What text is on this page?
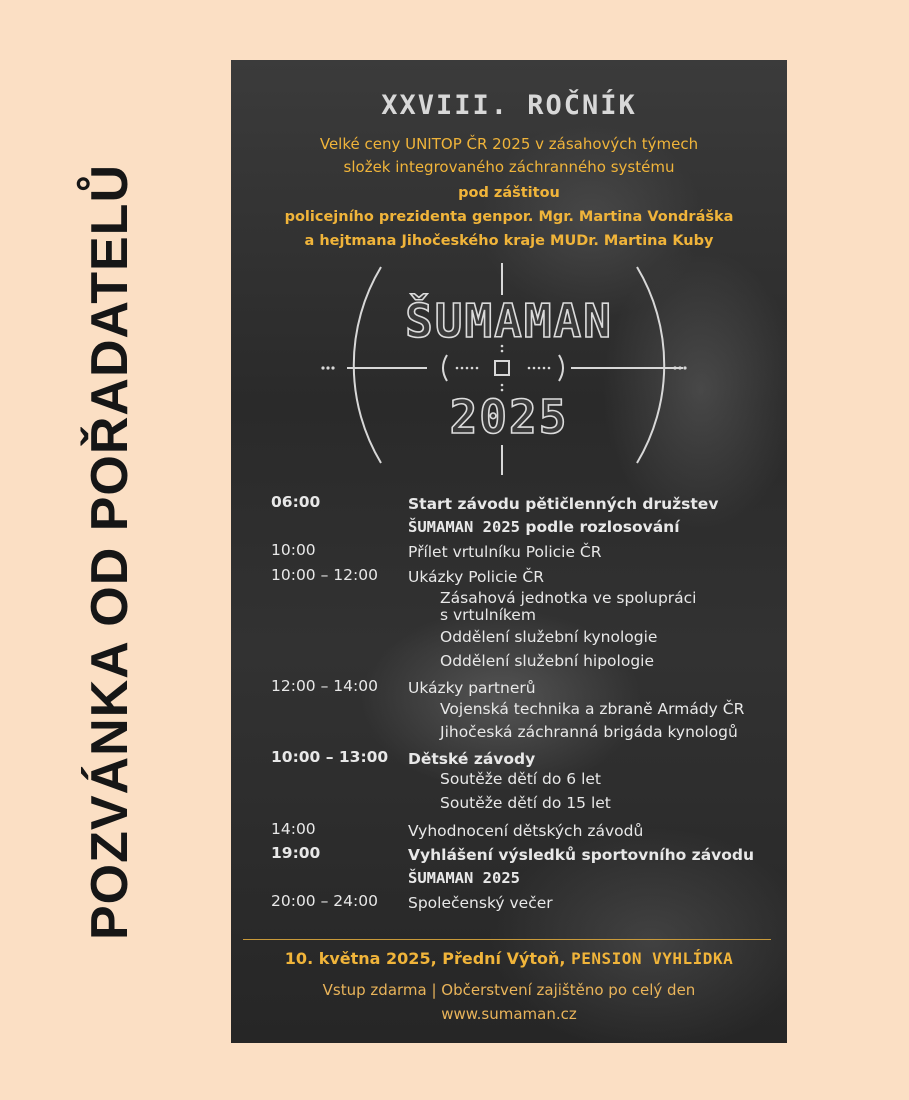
POZVÁNKA OD POŘADATELŮ
XXVIII. ROČNÍK
Velké ceny UNITOP ČR 2025 v zásahových týmech
složek integrovaného záchranného systému
pod záštitou
policejního prezidenta genpor. Mgr. Martina Vondráška
a hejtmana Jihočeského kraje MUDr. Martina Kuby
ŠUMAMAN
2025
06:00	Start závodu pětičlenných družstev
ŠUMAMAN 2025 podle rozlosování
10:00	Přílet vrtulníku Policie ČR
10:00 – 12:00 Ukázky Policie ČR
Zásahová jednotka ve spolupráci
s vrtulníkem
Oddělení služební kynologie
Oddělení služební hipologie
12:00 – 14:00 Ukázky partnerů
Vojenská technika a zbraně Armády ČR
Jihočeská záchranná brigáda kynologů
10:00 – 13:00 Dětské závody
Soutěže dětí do 6 let
Soutěže dětí do 15 let
14:00	Vyhodnocení dětských závodů
19:00	Vyhlášení výsledků sportovního závodu
ŠUMAMAN 2025
20:00 – 24:00 Společenský večer
10. května 2025, Přední Výtoň, PENSION VYHLÍDKA
Vstup zdarma | Občerstvení zajištěno po celý den
www.sumaman.cz
